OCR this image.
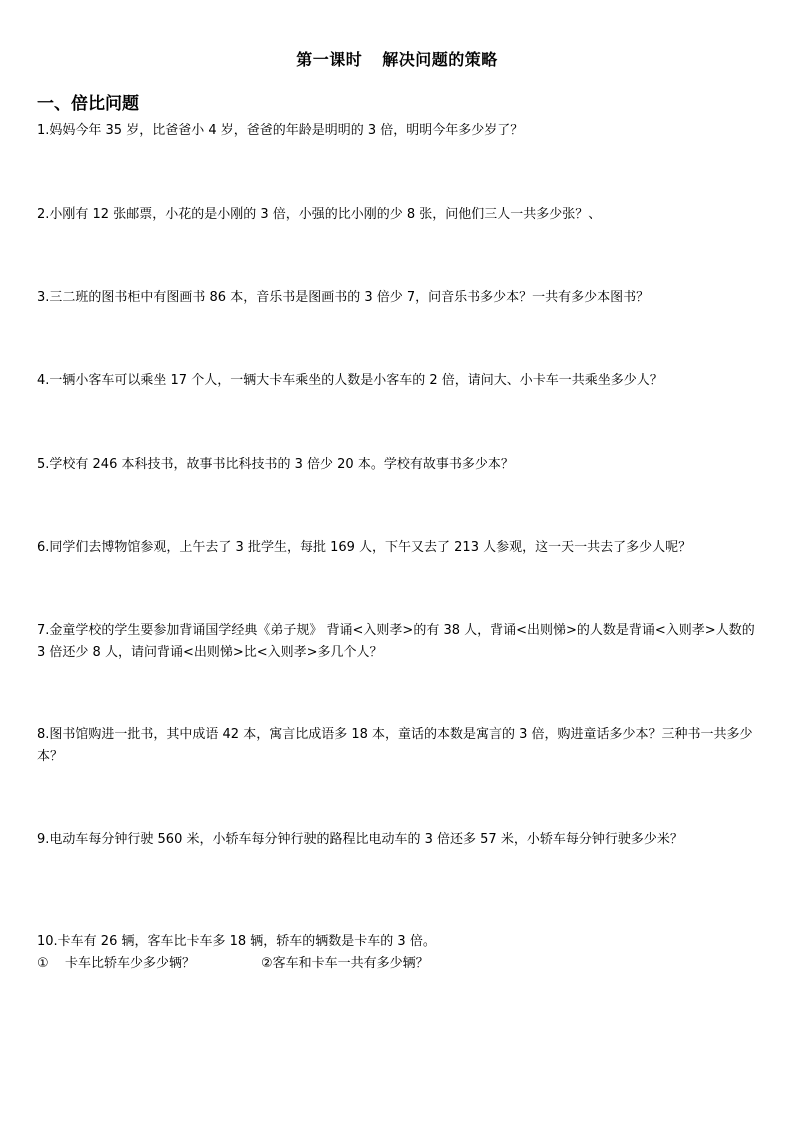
第一课时 解决问题的策略
一、倍比问题
1.妈妈今年 35 岁，比爸爸小 4 岁，爸爸的年龄是明明的 3 倍，明明今年多少岁了？
2.小刚有 12 张邮票，小花的是小刚的 3 倍，小强的比小刚的少 8 张，问他们三人一共多少张？、
3.三二班的图书柜中有图画书 86 本，音乐书是图画书的 3 倍少 7，问音乐书多少本？一共有多少本图书？
4.一辆小客车可以乘坐 17 个人，一辆大卡车乘坐的人数是小客车的 2 倍，请问大、小卡车一共乘坐多少人？
5.学校有 246 本科技书，故事书比科技书的 3 倍少 20 本。学校有故事书多少本？
6.同学们去博物馆参观，上午去了 3 批学生，每批 169 人，下午又去了 213 人参观，这一天一共去了多少人呢？
7.金童学校的学生要参加背诵国学经典《弟子规》 背诵<入则孝>的有 38 人，背诵<出则悌>的人数是背诵<入则孝>人数的 3 倍还少 8 人，请问背诵<出则悌>比<入则孝>多几个人？
8.图书馆购进一批书，其中成语 42 本，寓言比成语多 18 本，童话的本数是寓言的 3 倍，购进童话多少本？三种书一共多少本？
9.电动车每分钟行驶 560 米，小轿车每分钟行驶的路程比电动车的 3 倍还多 57 米，小轿车每分钟行驶多少米？
10.卡车有 26 辆，客车比卡车多 18 辆，轿车的辆数是卡车的 3 倍。
① 卡车比轿车少多少辆？	②客车和卡车一共有多少辆？
